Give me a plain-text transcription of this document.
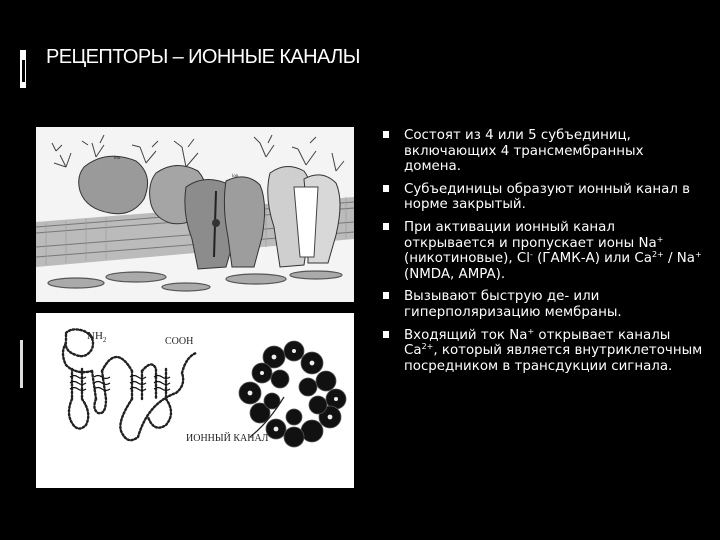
РЕЦЕПТОРЫ – ИОННЫЕ КАНАЛЫ
ion
ion
$NH_2$	COOH
ИОННЫЙ КАНАЛ
Состоят из 4 или 5 субъединиц, включающих 4 трансмембранных домена.
Субъединицы образуют ионный канал в норме закрытый.
При активации ионный канал открывается и пропускает ионы Na+ (никотиновые), Cl- (ГАМК-А) или $Ca^{2+} / Na^+$ (NMDA, AMPA).
Вызывают быструю де- или гиперполяризацию мембраны.
Входящий ток Na+ открывает каналы $Ca^{2+}$, который является внутриклеточным посредником в трансдукции сигнала.
